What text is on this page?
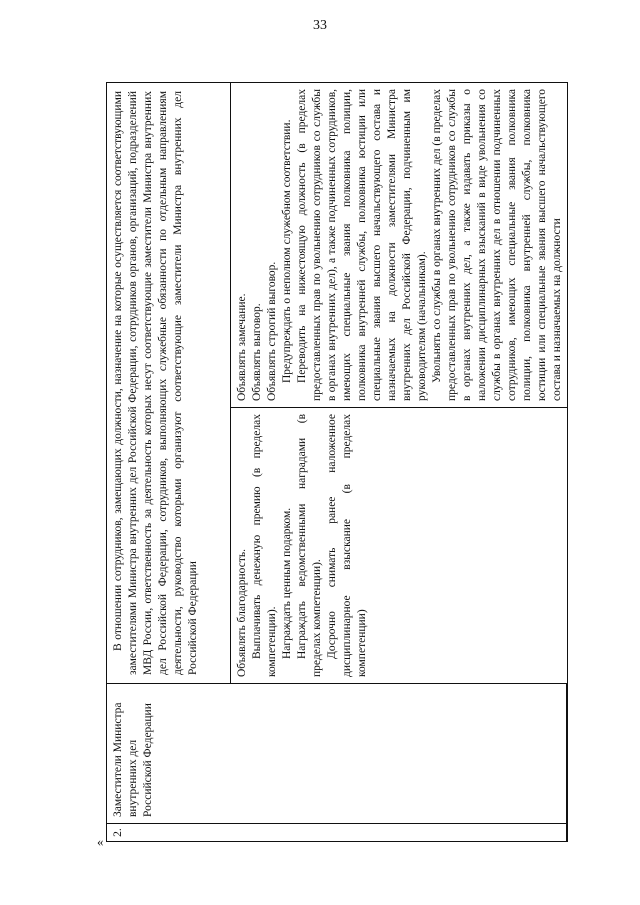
33
«
2.
Заместители Министра внутренних дел Российской Федерации
В отношении сотрудников, замещающих должности, назначение на которые осуществляется соответствующими заместителями Министра внутренних дел Российской Федерации, сотрудников органов, организаций, подразделений МВД России, ответственность за деятельность которых несут соответствующие заместители Министра внутренних дел Российской Федерации, сотрудников, выполняющих служебные обязанности по отдельным направлениям деятельности, руководство которыми организуют соответствующие заместители Министра внутренних дел Российской Федерации	Объявлять благодарность. Выплачивать денежную премию (в пределах компетенции). Награждать ценным подарком. Награждать ведомственными наградами (в пределах компетенции). Досрочно снимать ранее наложенное дисциплинарное взыскание (в пределах компетенции)

Объявлять замечание. Объявлять выговор. Объявлять строгий выговор. Предупреждать о неполном служебном соответствии. Переводить на нижестоящую должность (в пределах предоставленных прав по увольнению сотрудников со службы в органах внутренних дел), а также подчиненных сотрудников, имеющих специальные звания полковника полиции, полковника внутренней службы, полковника юстиции или специальные звания высшего начальствующего состава и назначаемых на должности заместителями Министра внутренних дел Российской Федерации, подчиненным им руководителям (начальникам). Увольнять со службы в органах внутренних дел (в пределах предоставленных прав по увольнению сотрудников со службы в органах внутренних дел, а также издавать приказы о наложении дисциплинарных взысканий в виде увольнения со службы в органах внутренних дел в отношении подчиненных сотрудников, имеющих специальные звания полковника полиции, полковника внутренней службы, полковника юстиции или специальные звания высшего начальствующего состава и назначаемых на должности
